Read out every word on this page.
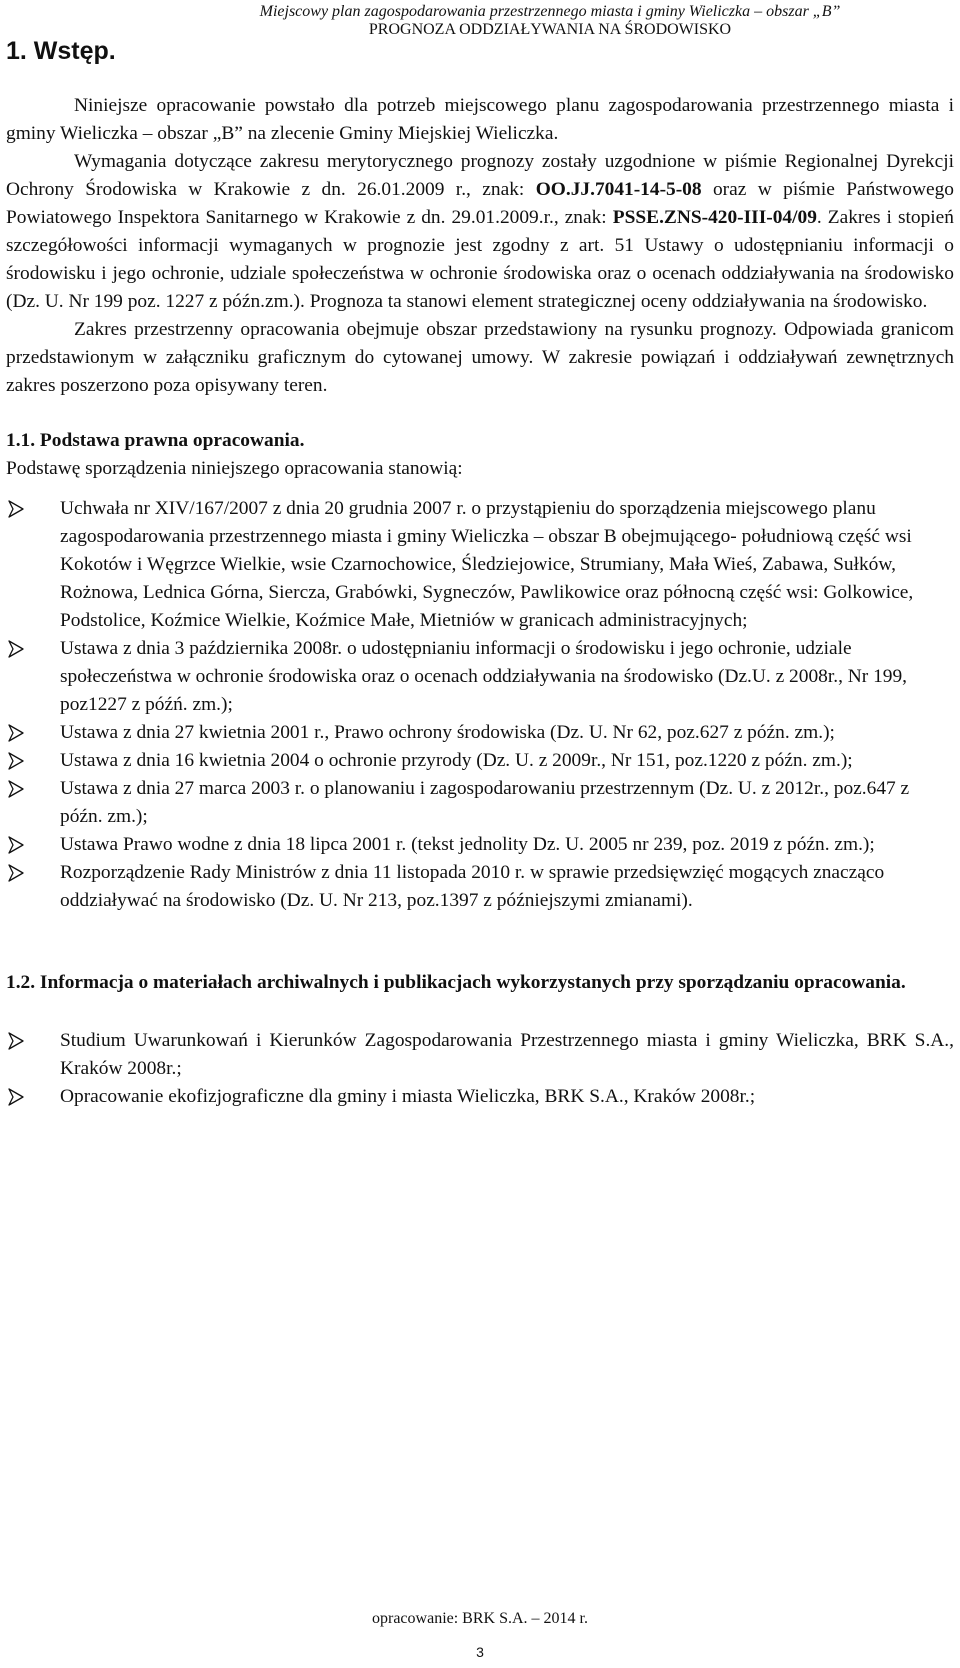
Miejscowy plan zagospodarowania przestrzennego miasta i gminy Wieliczka – obszar „B”
PROGNOZA ODDZIAŁYWANIA NA ŚRODOWISKO
1. Wstęp.

Niniejsze opracowanie powstało dla potrzeb miejscowego planu zagospodarowania przestrzennego miasta i gminy Wieliczka – obszar „B” na zlecenie Gminy Miejskiej Wieliczka.

Wymagania dotyczące zakresu merytorycznego prognozy zostały uzgodnione w piśmie Regionalnej Dyrekcji Ochrony Środowiska w Krakowie z dn. 26.01.2009 r., znak: OO.JJ.7041-14-5-08 oraz w piśmie Państwowego Powiatowego Inspektora Sanitarnego w Krakowie z dn. 29.01.2009.r., znak: PSSE.ZNS-420-III-04/09. Zakres i stopień szczegółowości informacji wymaganych w prognozie jest zgodny z art. 51 Ustawy o udostępnianiu informacji o środowisku i jego ochronie, udziale społeczeństwa w ochronie środowiska oraz o ocenach oddziaływania na środowisko (Dz. U. Nr 199 poz. 1227 z późn.zm.). Prognoza ta stanowi element strategicznej oceny oddziaływania na środowisko.

Zakres przestrzenny opracowania obejmuje obszar przedstawiony na rysunku prognozy. Odpowiada granicom przedstawionym w załączniku graficznym do cytowanej umowy. W zakresie powiązań i oddziaływań zewnętrznych zakres poszerzono poza opisywany teren.

1.1. Podstawa prawna opracowania.

Podstawę sporządzenia niniejszego opracowania stanowią:

Uchwała nr XIV/167/2007 z dnia 20 grudnia 2007 r. o przystąpieniu do sporządzenia miejscowego planu zagospodarowania przestrzennego miasta i gminy Wieliczka – obszar B obejmującego- południową część wsi Kokotów i Węgrzce Wielkie, wsie Czarnochowice, Śledziejowice, Strumiany, Mała Wieś, Zabawa, Sułków, Rożnowa, Lednica Górna, Siercza, Grabówki, Sygneczów, Pawlikowice oraz północną część wsi: Golkowice, Podstolice, Koźmice Wielkie, Koźmice Małe, Mietniów w granicach administracyjnych;
Ustawa z dnia 3 października 2008r. o udostępnianiu informacji o środowisku i jego ochronie, udziale społeczeństwa w ochronie środowiska oraz o ocenach oddziaływania na środowisko (Dz.U. z 2008r., Nr 199, poz1227 z późń. zm.);
Ustawa z dnia 27 kwietnia 2001 r., Prawo ochrony środowiska (Dz. U. Nr 62, poz.627 z późn. zm.);
Ustawa z dnia 16 kwietnia 2004 o ochronie przyrody (Dz. U. z 2009r., Nr 151, poz.1220 z późn. zm.);
Ustawa z dnia 27 marca 2003 r. o planowaniu i zagospodarowaniu przestrzennym (Dz. U. z 2012r., poz.647 z późn. zm.);
Ustawa Prawo wodne z dnia 18 lipca 2001 r. (tekst jednolity Dz. U. 2005 nr 239, poz. 2019 z późn. zm.);
Rozporządzenie Rady Ministrów z dnia 11 listopada 2010 r. w sprawie przedsięwzięć mogących znacząco oddziaływać na środowisko (Dz. U. Nr 213, poz.1397 z późniejszymi zmianami).

1.2. Informacja o materiałach archiwalnych i publikacjach wykorzystanych przy sporządzaniu opracowania.

Studium Uwarunkowań i Kierunków Zagospodarowania Przestrzennego miasta i gminy Wieliczka, BRK S.A., Kraków 2008r.;
Opracowanie ekofizjograficzne dla gminy i miasta Wieliczka, BRK S.A., Kraków 2008r.;
opracowanie: BRK S.A. – 2014 r.
3
